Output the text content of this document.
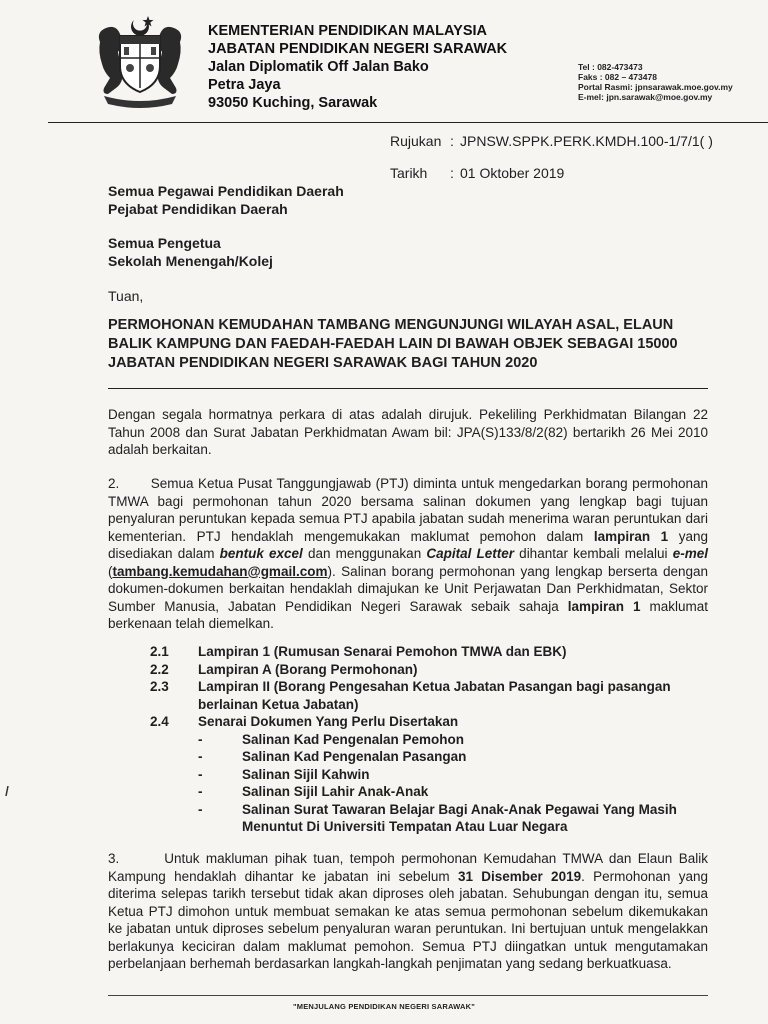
KEMENTERIAN PENDIDIKAN MALAYSIA
JABATAN PENDIDIKAN NEGERI SARAWAK
Jalan Diplomatik Off Jalan Bako
Petra Jaya
93050 Kuching, Sarawak
Tel : 082-473473
Faks : 082 – 473478
Portal Rasmi: jpnsarawak.moe.gov.my
E-mel: jpn.sarawak@moe.gov.my
Rujukan : JPNSW.SPPK.PERK.KMDH.100-1/7/1( )
Tarikh : 01 Oktober 2019
Semua Pegawai Pendidikan Daerah
Pejabat Pendidikan Daerah
Semua Pengetua
Sekolah Menengah/Kolej
Tuan,
PERMOHONAN KEMUDAHAN TAMBANG MENGUNJUNGI WILAYAH ASAL, ELAUN
BALIK KAMPUNG DAN FAEDAH-FAEDAH LAIN DI BAWAH OBJEK SEBAGAI 15000
JABATAN PENDIDIKAN NEGERI SARAWAK BAGI TAHUN 2020
Dengan segala hormatnya perkara di atas adalah dirujuk. Pekeliling Perkhidmatan Bilangan 22 Tahun 2008 dan Surat Jabatan Perkhidmatan Awam bil: JPA(S)133/8/2(82) bertarikh 26 Mei 2010 adalah berkaitan.
2. Semua Ketua Pusat Tanggungjawab (PTJ) diminta untuk mengedarkan borang permohonan TMWA bagi permohonan tahun 2020 bersama salinan dokumen yang lengkap bagi tujuan penyaluran peruntukan kepada semua PTJ apabila jabatan sudah menerima waran peruntukan dari kementerian. PTJ hendaklah mengemukakan maklumat pemohon dalam lampiran 1 yang disediakan dalam bentuk excel dan menggunakan Capital Letter dihantar kembali melalui e-mel (tambang.kemudahan@gmail.com). Salinan borang permohonan yang lengkap berserta dengan dokumen-dokumen berkaitan hendaklah dimajukan ke Unit Perjawatan Dan Perkhidmatan, Sektor Sumber Manusia, Jabatan Pendidikan Negeri Sarawak sebaik sahaja lampiran 1 maklumat berkenaan telah diemelkan.
2.1	Lampiran 1 (Rumusan Senarai Pemohon TMWA dan EBK)
2.2	Lampiran A (Borang Permohonan)
2.3	Lampiran II (Borang Pengesahan Ketua Jabatan Pasangan bagi pasangan berlainan Ketua Jabatan)
2.4	Senarai Dokumen Yang Perlu Disertakan
-	Salinan Kad Pengenalan Pemohon
-	Salinan Kad Pengenalan Pasangan
-	Salinan Sijil Kahwin
-	Salinan Sijil Lahir Anak-Anak
-	Salinan Surat Tawaran Belajar Bagi Anak-Anak Pegawai Yang Masih Menuntut Di Universiti Tempatan Atau Luar Negara
3.	Untuk makluman pihak tuan, tempoh permohonan Kemudahan TMWA dan Elaun Balik Kampung hendaklah dihantar ke jabatan ini sebelum 31 Disember 2019. Permohonan yang diterima selepas tarikh tersebut tidak akan diproses oleh jabatan. Sehubungan dengan itu, semua Ketua PTJ dimohon untuk membuat semakan ke atas semua permohonan sebelum dikemukakan ke jabatan untuk diproses sebelum penyaluran waran peruntukan. Ini bertujuan untuk mengelakkan berlakunya keciciran dalam maklumat pemohon. Semua PTJ diingatkan untuk mengutamakan perbelanjaan berhemah berdasarkan langkah-langkah penjimatan yang sedang berkuatkuasa.
"MENJULANG PENDIDIKAN NEGERI SARAWAK"
